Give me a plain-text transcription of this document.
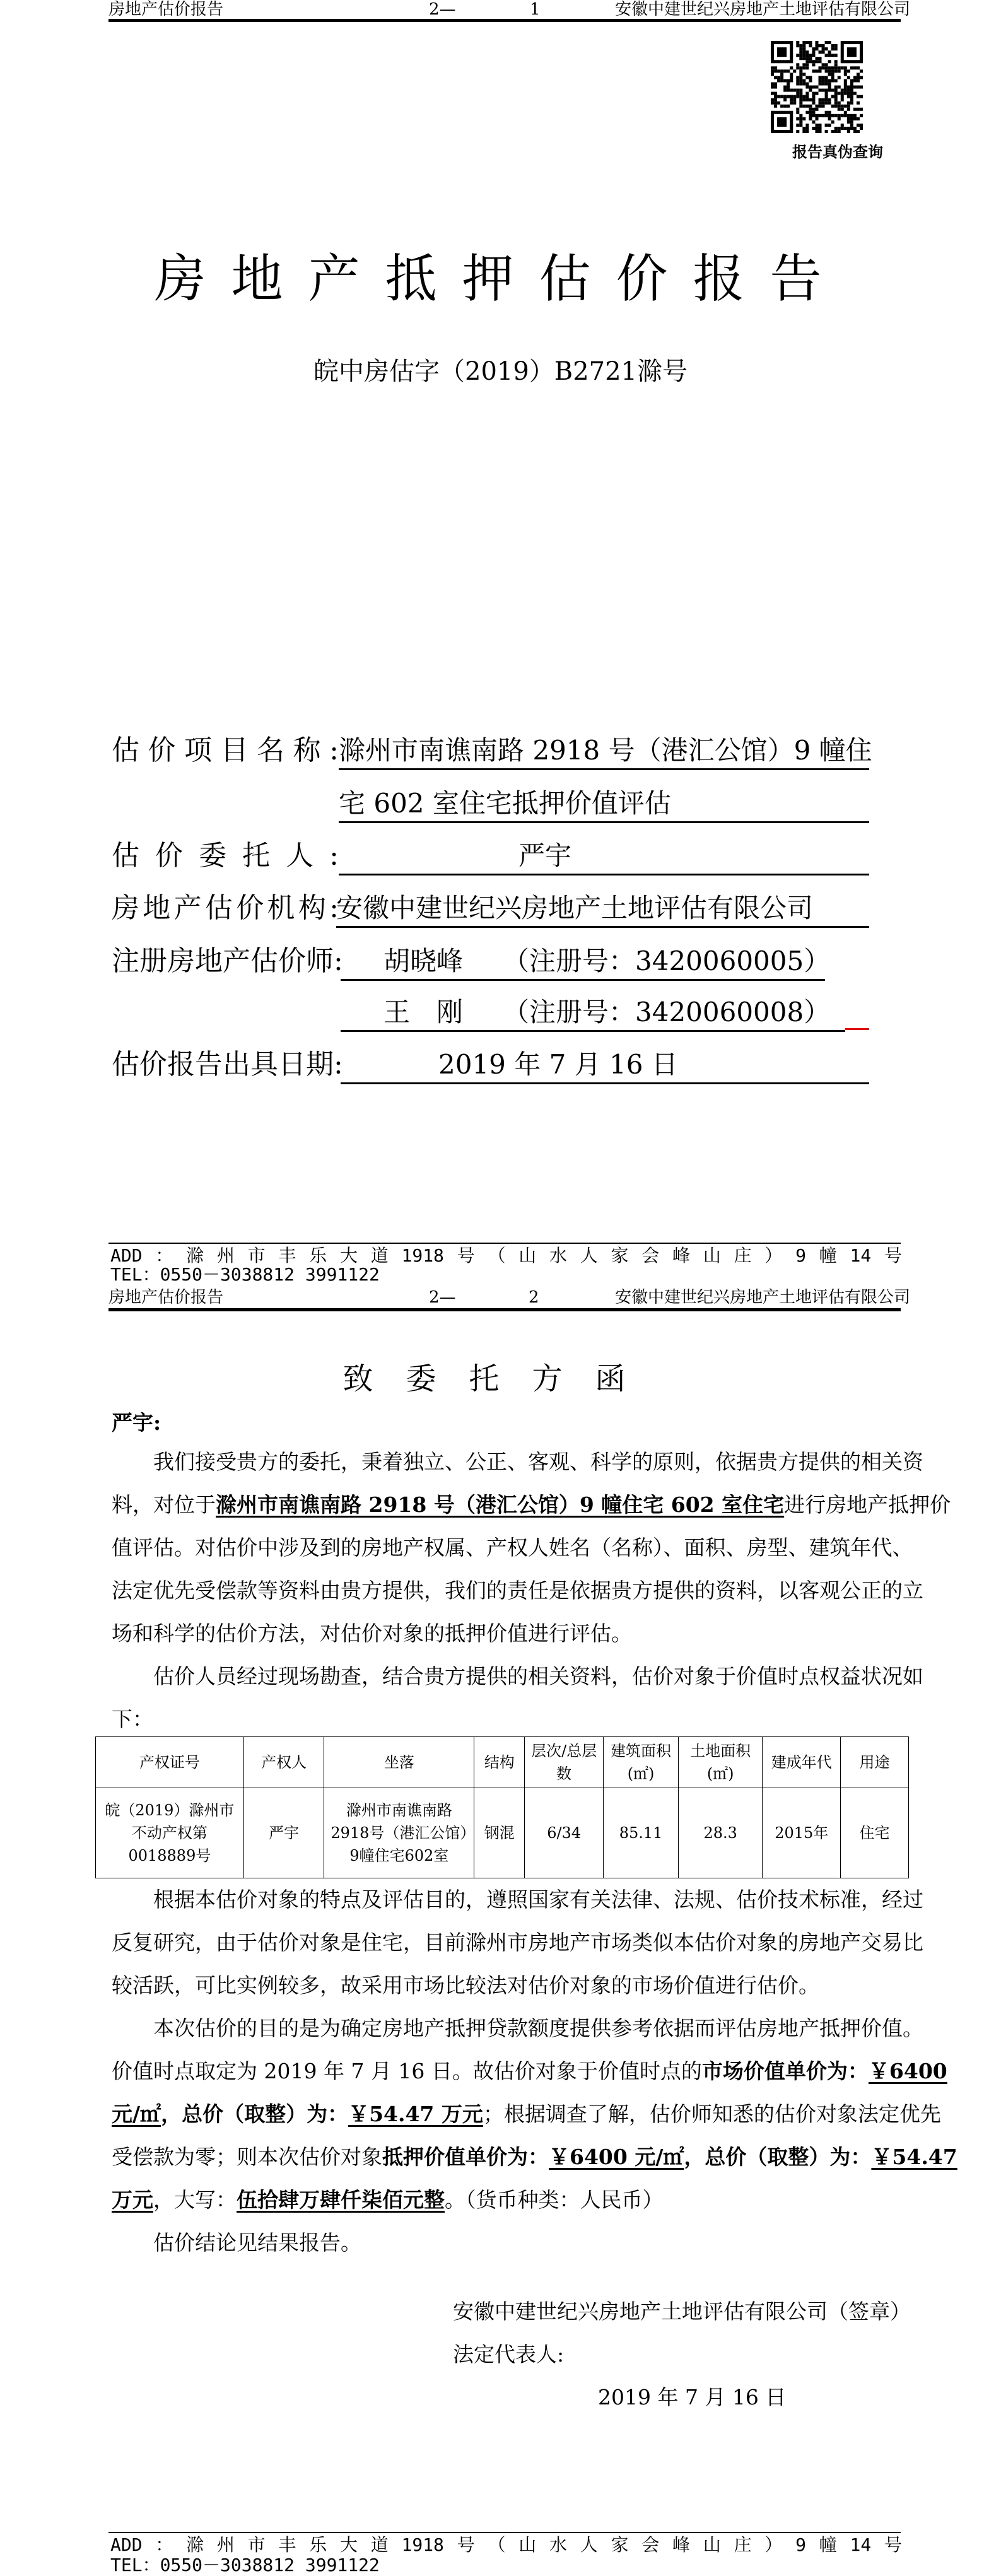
房地产估价报告	2—	1	安徽中建世纪兴房地产土地评估有限公司
报告真伪查询
房地产抵押估价报告
皖中房估字（2019）B2721滁号
估价项目名称: 滁州市南谯南路 2918 号（港汇公馆）9 幢住
宅 602 室住宅抵押价值评估
估价委托人:	严宇
房地产估价机构:
安徽中建世纪兴房地产土地评估有限公司
注册房地产估价师:	胡晓峰　　（注册号：3420060005）
王　刚　　（注册号：3420060008）
估价报告出具日期:	2019 年 7 月 16 日
ADD：滁州市丰乐大道1918号（山水人家会峰山庄）9幢14号
TEL：0550－3038812 3991122
房地产估价报告	2—	2	安徽中建世纪兴房地产土地评估有限公司
致委托方函
严宇:
　　我们接受贵方的委托，秉着独立、公正、客观、科学的原则，依据贵方提供的相关资
料，对位于滁州市南谯南路 2918 号（港汇公馆）9 幢住宅 602 室住宅进行房地产抵押价
值评估。对估价中涉及到的房地产权属、产权人姓名（名称）、面积、房型、建筑年代、
法定优先受偿款等资料由贵方提供，我们的责任是依据贵方提供的资料，以客观公正的立
场和科学的估价方法，对估价对象的抵押价值进行评估。
　　估价人员经过现场勘查，结合贵方提供的相关资料，估价对象于价值时点权益状况如
下：
产权证号	产权人	坐落	结构	层次/总层数	建筑面积(㎡)	土地面积(㎡)	建成年代	用途
皖（2019）滁州市不动产权第0018889号	严宇	滁州市南谯南路2918号（港汇公馆）9幢住宅602室	钢混	6/34	85.11	28.3	2015年	住宅
　　根据本估价对象的特点及评估目的，遵照国家有关法律、法规、估价技术标准，经过
反复研究，由于估价对象是住宅，目前滁州市房地产市场类似本估价对象的房地产交易比
较活跃，可比实例较多，故采用市场比较法对估价对象的市场价值进行估价。
　　本次估价的目的是为确定房地产抵押贷款额度提供参考依据而评估房地产抵押价值。
价值时点取定为 2019 年 7 月 16 日。故估价对象于价值时点的市场价值单价为：￥6400
元/㎡，总价（取整）为：￥54.47 万元；根据调查了解，估价师知悉的估价对象法定优先
受偿款为零；则本次估价对象抵押价值单价为：￥6400 元/㎡，总价（取整）为：￥54.47
万元，大写：伍拾肆万肆仟柒佰元整。（货币种类：人民币）
　　估价结论见结果报告。
安徽中建世纪兴房地产土地评估有限公司（签章）
法定代表人:
2019 年 7 月 16 日
ADD：滁州市丰乐大道1918号（山水人家会峰山庄）9幢14号
TEL：0550－3038812 3991122
